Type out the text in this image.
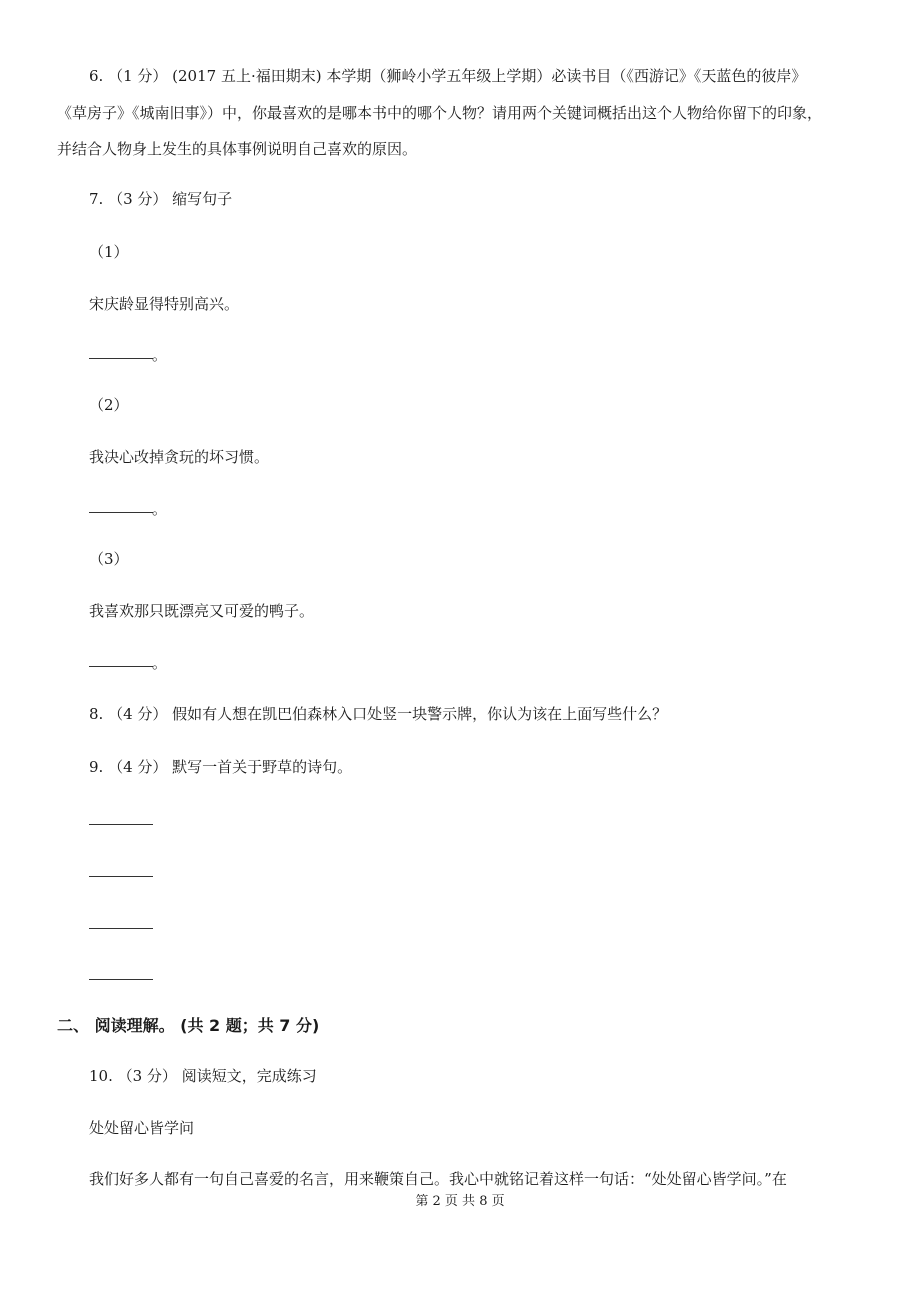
6. （1 分） (2017 五上·福田期末) 本学期（狮岭小学五年级上学期）必读书目（《西游记》《天蓝色的彼岸》
《草房子》《城南旧事》）中，你最喜欢的是哪本书中的哪个人物？请用两个关键词概括出这个人物给你留下的印象，
并结合人物身上发生的具体事例说明自己喜欢的原因。
7. （3 分） 缩写句子
（1）
宋庆龄显得特别高兴。
。
（2）
我决心改掉贪玩的坏习惯。
。
（3）
我喜欢那只既漂亮又可爱的鸭子。
。
8. （4 分） 假如有人想在凯巴伯森林入口处竖一块警示牌，你认为该在上面写些什么？
9. （4 分） 默写一首关于野草的诗句。
二、 阅读理解。 (共 2 题；共 7 分)
10. （3 分） 阅读短文，完成练习
处处留心皆学问
我们好多人都有一句自己喜爱的名言，用来鞭策自己。我心中就铭记着这样一句话：“处处留心皆学问。”在
第 2 页 共 8 页
